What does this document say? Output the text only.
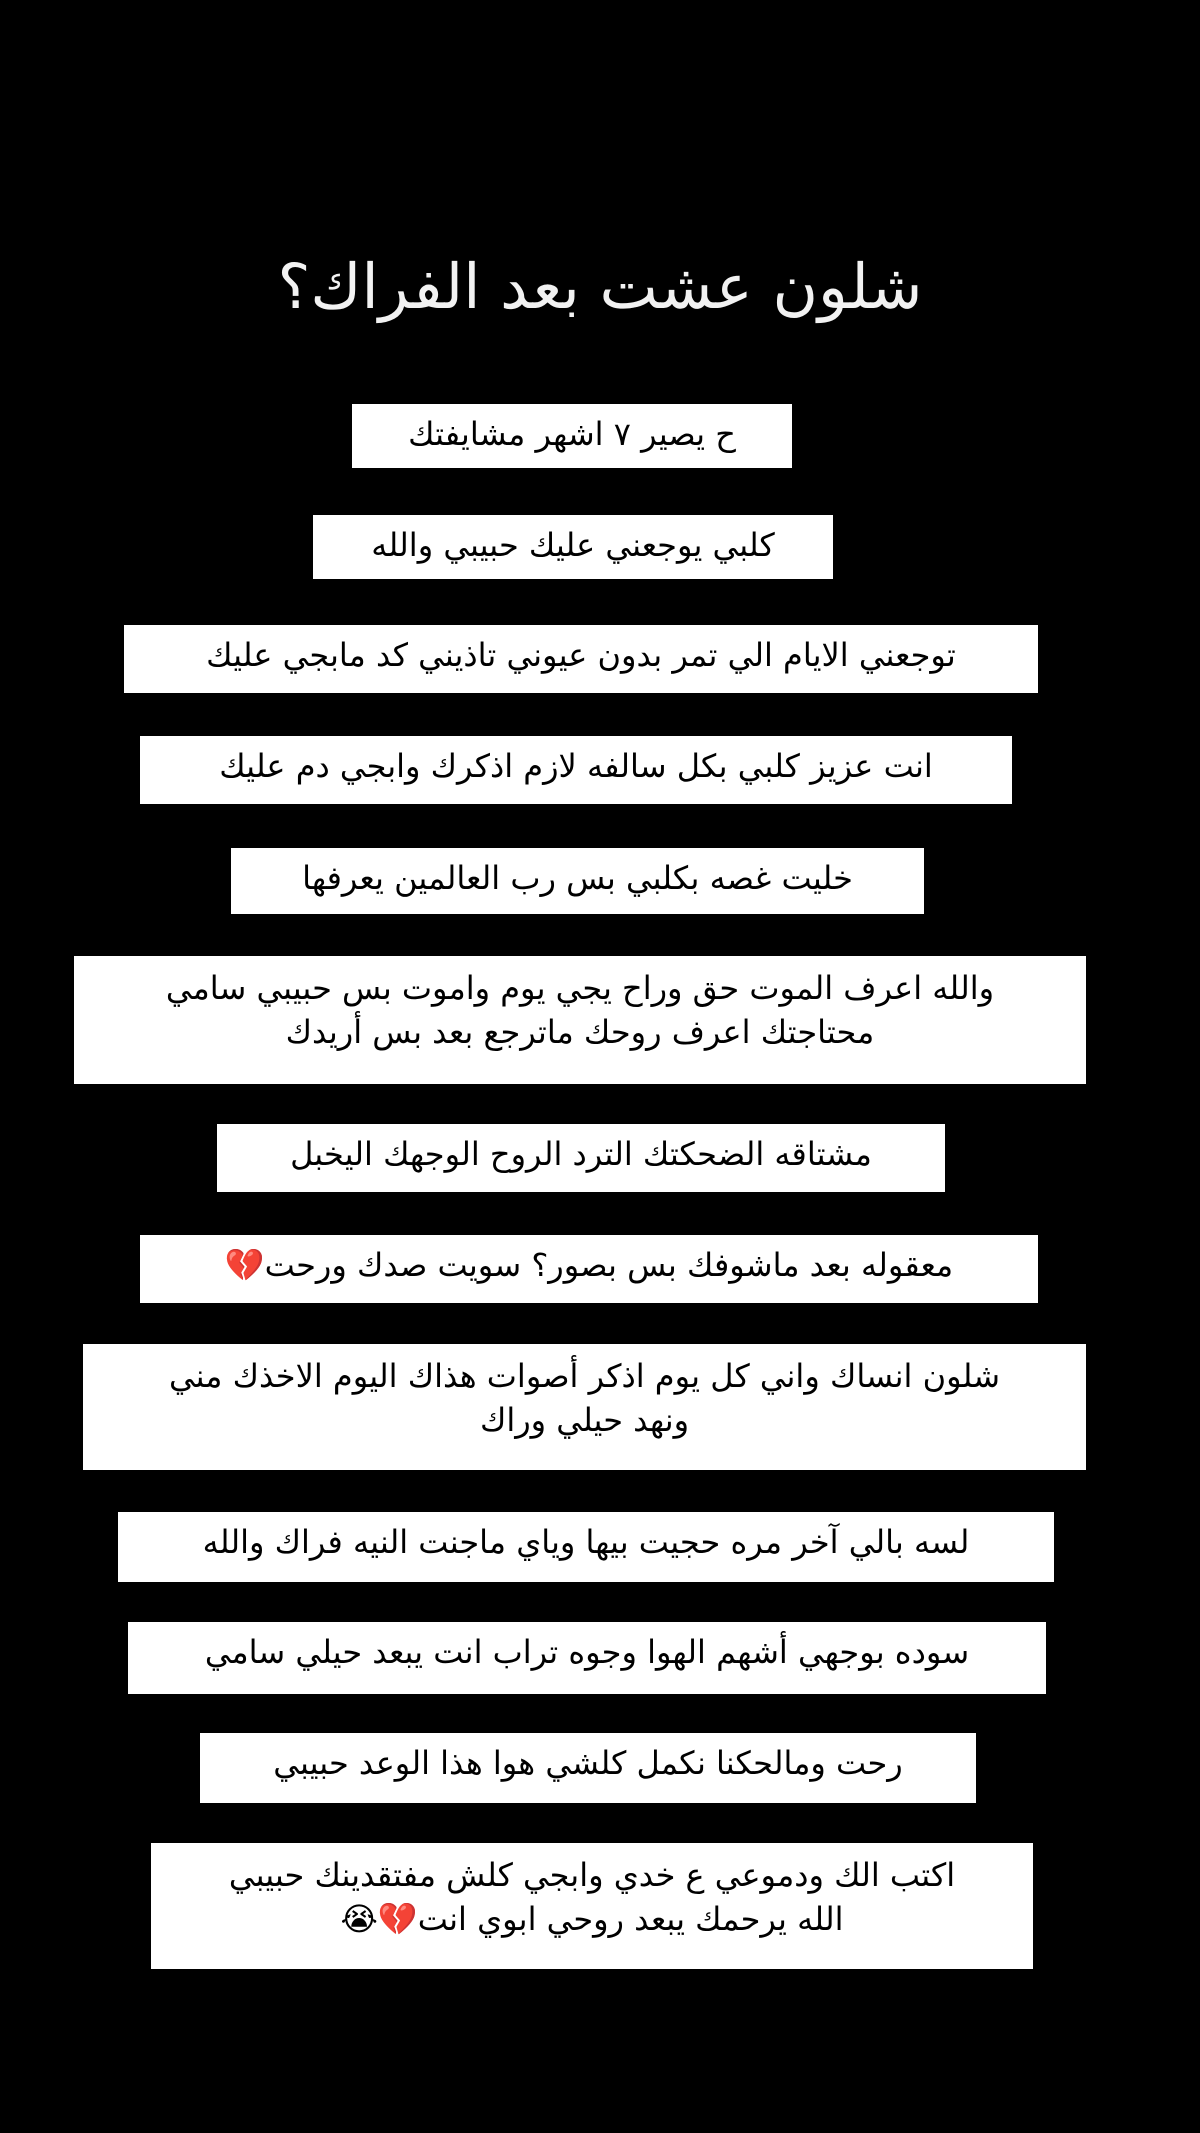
شلون عشت بعد الفراك؟
ح يصير ٧ اشهر مشايفتك
كلبي يوجعني عليك حبيبي والله
توجعني الايام الي تمر بدون عيوني تاذيني كد مابجي عليك
انت عزيز كلبي بكل سالفه لازم اذكرك وابجي دم عليك
خليت غصه بكلبي بس رب العالمين يعرفها
والله اعرف الموت حق وراح يجي يوم واموت بس حبيبي سامي
محتاجتك اعرف روحك ماترجع بعد بس أريدك
مشتاقه الضحكتك الترد الروح الوجهك اليخبل
معقوله بعد ماشوفك بس بصور؟ سويت صدك ورحت💔
شلون انساك واني كل يوم اذكر أصوات هذاك اليوم الاخذك مني
ونهد حيلي وراك
لسه بالي آخر مره حجيت بيها وياي ماجنت النيه فراك والله
سوده بوجهي أشهم الهوا وجوه تراب انت يبعد حيلي سامي
رحت ومالحكنا نكمل كلشي هوا هذا الوعد حبيبي
اكتب الك ودموعي ع خدي وابجي كلش مفتقدينك حبيبي
الله يرحمك يبعد روحي ابوي انت💔😭
